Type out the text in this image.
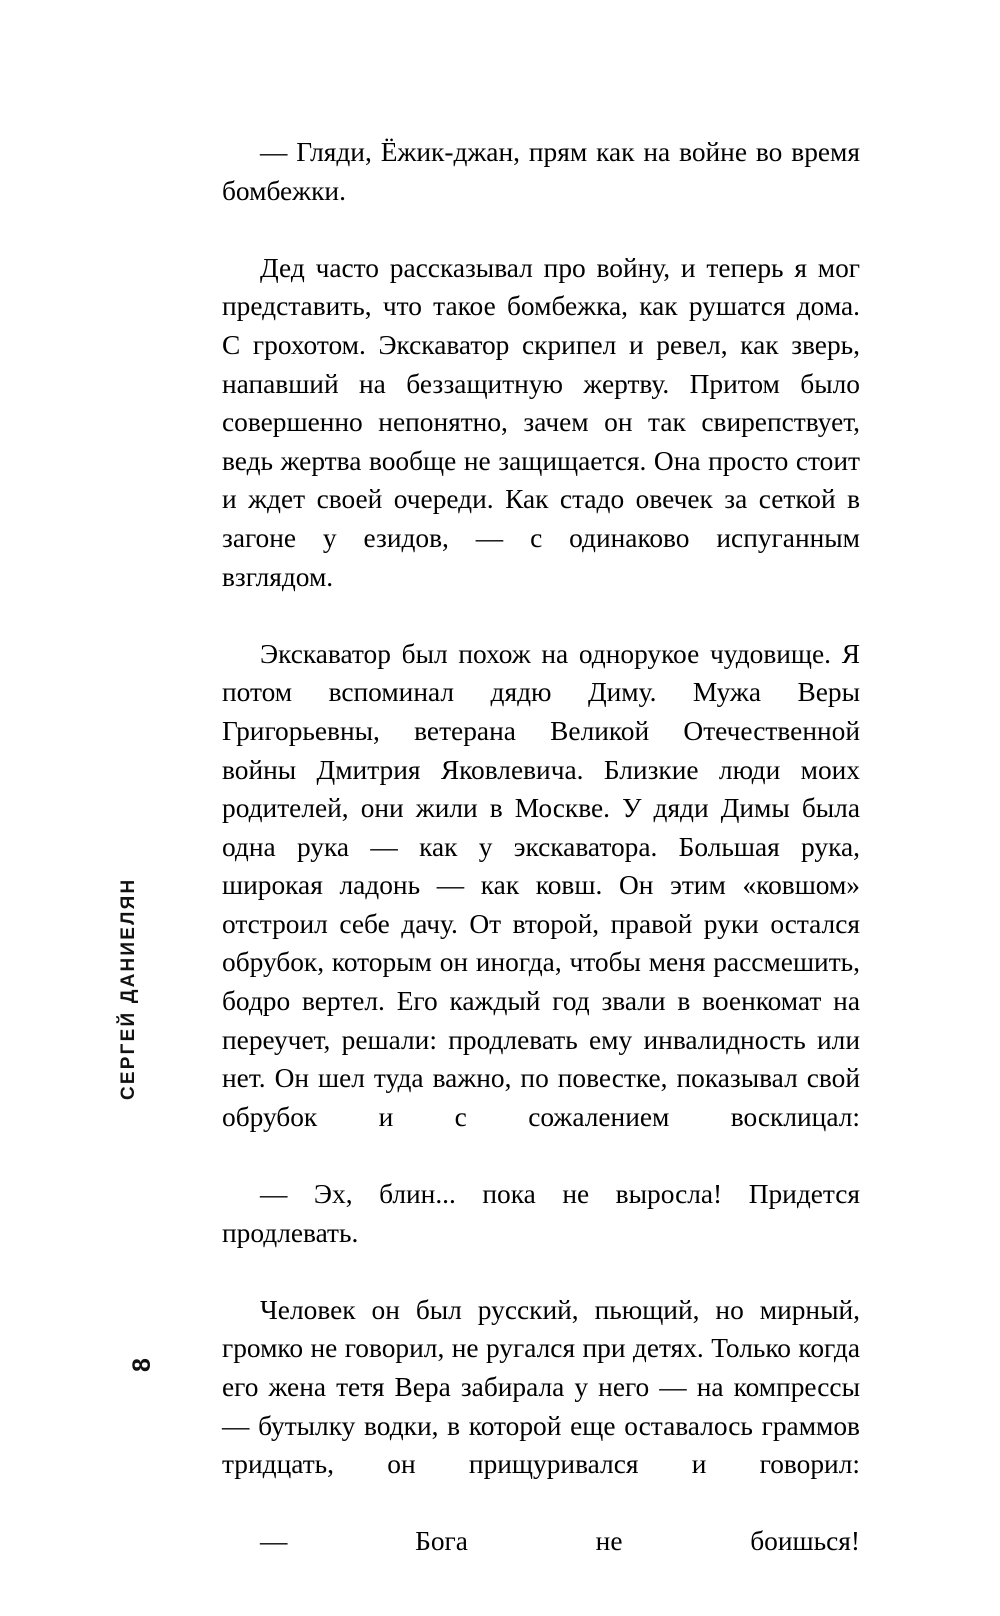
СЕРГЕЙ ДАНИЕЛЯН
8

— Гляди, Ёжик-джан, прям как на войне во время бомбежки.

Дед часто рассказывал про войну, и теперь я мог представить, что такое бомбежка, как рушатся дома. С грохотом. Экскаватор скрипел и ревел, как зверь, напавший на беззащитную жертву. Притом было совершенно непонятно, зачем он так свирепствует, ведь жертва вообще не защищается. Она просто стоит и ждет своей очереди. Как стадо овечек за сеткой в загоне у езидов, — с одинаково испуганным взглядом.

Экскаватор был похож на однорукое чудовище. Я потом вспоминал дядю Диму. Мужа Веры Григорьевны, ветерана Великой Отечественной войны Дмитрия Яковлевича. Близкие люди моих родителей, они жили в Москве. У дяди Димы была одна рука — как у экскаватора. Большая рука, широкая ладонь — как ковш. Он этим «ковшом» отстроил себе дачу. От второй, правой руки остался обрубок, которым он иногда, чтобы меня рассмешить, бодро вертел. Его каждый год звали в военкомат на переучет, решали: продлевать ему инвалидность или нет. Он шел туда важно, по повестке, показывал свой обрубок и с сожалением восклицал:

— Эх, блин... пока не выросла! Придется продлевать.

Человек он был русский, пьющий, но мирный, громко не говорил, не ругался при детях. Только когда его жена тетя Вера забирала у него — на компрессы — бутылку водки, в которой еще оставалось граммов тридцать, он прищуривался и говорил:

— Бога не боишься!
